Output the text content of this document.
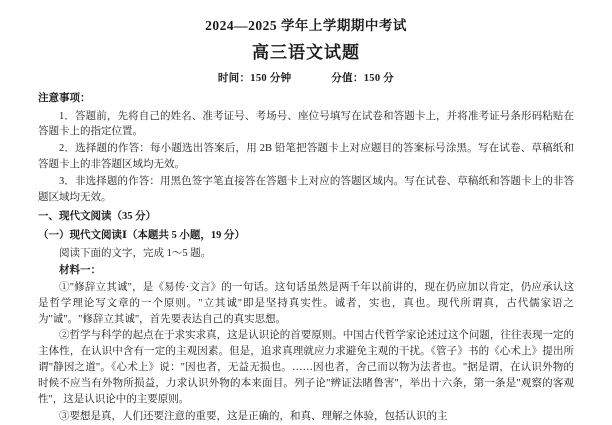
2024—2025 学年上学期期中考试
高三语文试题
时间：150 分钟	分值：150 分
注意事项：
1．答题前，先将自己的姓名、准考证号、考场号、座位号填写在试卷和答题卡上，并将准考证号条形码粘贴在答题卡上的指定位置。
2．选择题的作答：每小题选出答案后，用 2B 铅笔把答题卡上对应题目的答案标号涂黑。写在试卷、草稿纸和答题卡上的非答题区域均无效。
3．非选择题的作答：用黑色签字笔直接答在答题卡上对应的答题区域内。写在试卷、草稿纸和答题卡上的非答题区域均无效。
一、现代文阅读（35 分）
（一）现代文阅读Ⅰ（本题共 5 小题，19 分）
阅读下面的文字，完成 1～5 题。
材料一：
①"修辞立其诚"，是《易传·文言》的一句话。这句话虽然是两千年以前讲的，现在仍应加以肯定，仍应承认这是哲学理论写文章的一个原则。"立其诚"即是坚持真实性。诚者，实也，真也。现代所谓真，古代儒家语之为"诚"。"修辞立其诚"，首先要表达自己的真实思想。
②哲学与科学的起点在于求实求真，这是认识论的首要原则。中国古代哲学家论述过这个问题，往往表现一定的主体性，在认识中含有一定的主观因素。但是，追求真理就应力求避免主观的干扰。《管子》书的《心术上》提出所谓"静因之道"。《心术上》说："因也者，无益无损也。……因也者，舍己而以物为法者也。"据是谓，在认识外物的时候不应当有外物所损益，力求认识外物的本来面目。列子论"辨证法睹鲁害"，举出十六条，第一条是"观察的客观性"，这是认识论中的主要原则。
③要想是真，人们还要注意的重要，这是正确的，和真、理解之体验，包括认识的主
